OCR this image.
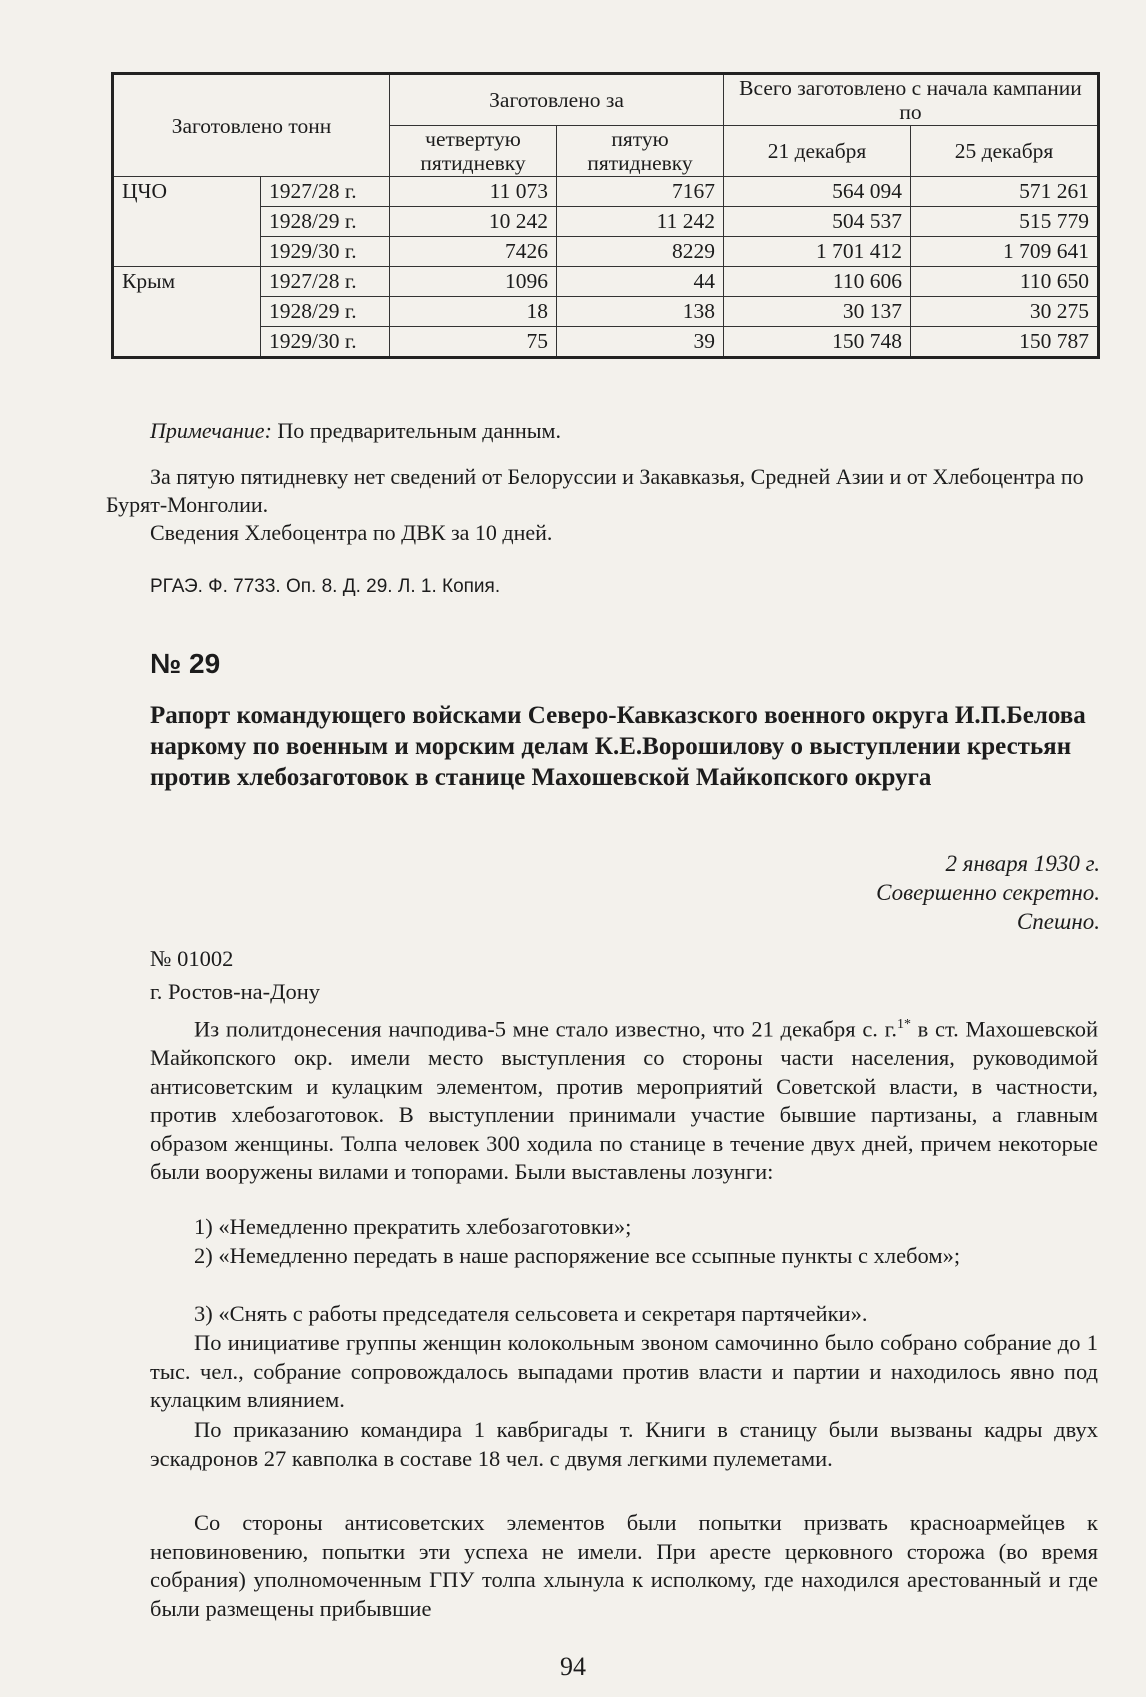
Заготовлено тонн		Заготовлено за		Всего заготовлено с начала кампании по	
		четвертую пятидневку	пятую пятидневку	21 декабря	25 декабря
ЦЧО	1927/28 г.	11 073	7167	564 094	571 261
	1928/29 г.	10 242	11 242	504 537	515 779
	1929/30 г.	7426	8229	1 701 412	1 709 641
Крым	1927/28 г.	1096	44	110 606	110 650
	1928/29 г.	18	138	30 137	30 275
	1929/30 г.	75	39	150 748	150 787
Примечание: По предварительным данным.
За пятую пятидневку нет сведений от Белоруссии и Закавказья, Средней Азии и от Хлебоцентра по Бурят-Монголии.
Сведения Хлебоцентра по ДВК за 10 дней.
РГАЭ. Ф. 7733. Оп. 8. Д. 29. Л. 1. Копия.
№ 29
Рапорт командующего войсками Северо-Кавказского военного округа И.П.Белова наркому по военным и морским делам К.Е.Ворошилову о выступлении крестьян против хлебозаготовок в станице Махошевской Майкопского округа
2 января 1930 г.
Совершенно секретно.
Спешно.
№ 01002
г. Ростов-на-Дону
Из политдонесения начподива-5 мне стало известно, что 21 декабря с. г.$^{1*}$ в ст. Махошевской Майкопского окр. имели место выступления со стороны части населения, руководимой антисоветским и кулацким элементом, против мероприятий Советской власти, в частности, против хлебозаготовок. В выступлении принимали участие бывшие партизаны, а главным образом женщины. Толпа человек 300 ходила по станице в течение двух дней, причем некоторые были вооружены вилами и топорами. Были выставлены лозунги:
1) «Немедленно прекратить хлебозаготовки»;
2) «Немедленно передать в наше распоряжение все ссыпные пункты с хлебом»;
3) «Снять с работы председателя сельсовета и секретаря партячейки».
По инициативе группы женщин колокольным звоном самочинно было собрано собрание до 1 тыс. чел., собрание сопровождалось выпадами против власти и партии и находилось явно под кулацким влиянием.
По приказанию командира 1 кавбригады т. Книги в станицу были вызваны кадры двух эскадронов 27 кавполка в составе 18 чел. с двумя легкими пулеметами.
Со стороны антисоветских элементов были попытки призвать красноармейцев к неповиновению, попытки эти успеха не имели. При аресте церковного сторожа (во время собрания) уполномоченным ГПУ толпа хлынула к исполкому, где находился арестованный и где были размещены прибывшие
94
